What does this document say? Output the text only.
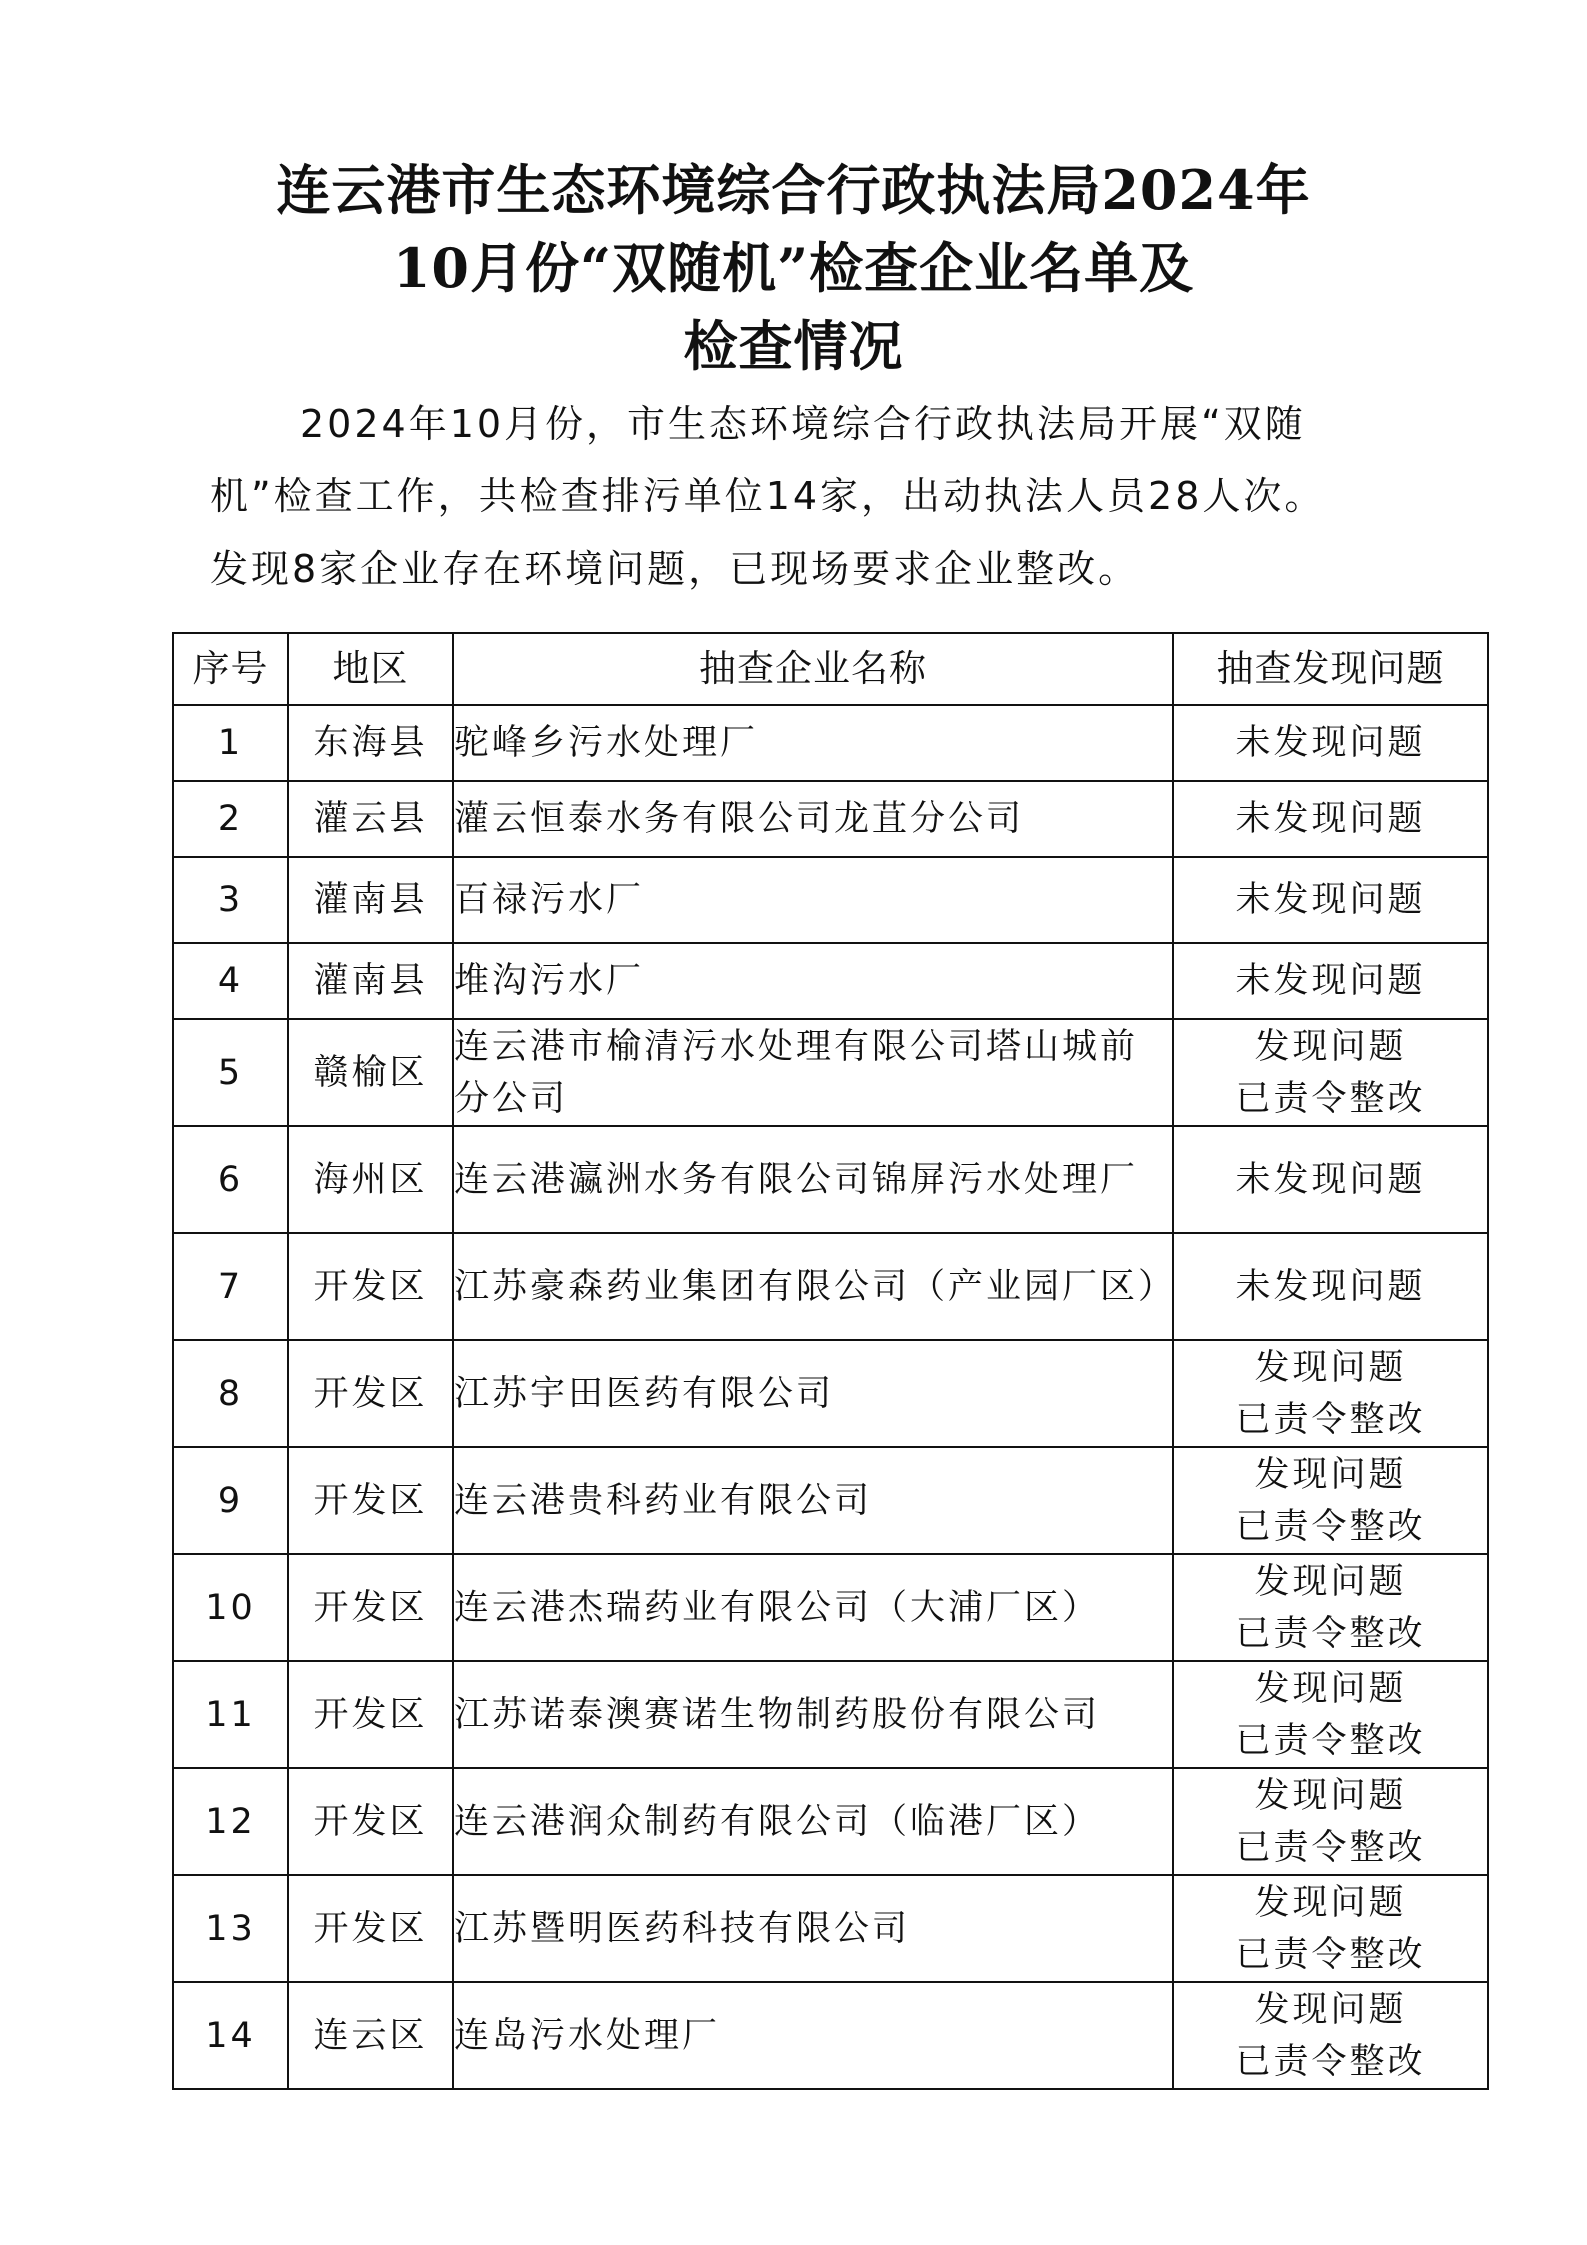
连云港市生态环境综合行政执法局2024年
10月份“双随机”检查企业名单及
检查情况
2024年10月份，市生态环境综合行政执法局开展“双随
机”检查工作，共检查排污单位14家，出动执法人员28人次。
发现8家企业存在环境问题，已现场要求企业整改。
序号	地区	抽查企业名称	抽查发现问题
1	东海县	驼峰乡污水处理厂	未发现问题

2	灌云县	灌云恒泰水务有限公司龙苴分公司	未发现问题

3	灌南县	百禄污水厂	未发现问题

4	灌南县	堆沟污水厂	未发现问题

5	赣榆区	连云港市榆清污水处理有限公司塔山城前分公司	发现问题
已责令整改

6	海州区	连云港瀛洲水务有限公司锦屏污水处理厂	未发现问题

7	开发区	江苏豪森药业集团有限公司（产业园厂区）	未发现问题

8	开发区	江苏宇田医药有限公司	发现问题
已责令整改

9	开发区	连云港贵科药业有限公司	发现问题
已责令整改

10	开发区	连云港杰瑞药业有限公司（大浦厂区）	发现问题
已责令整改

11	开发区	江苏诺泰澳赛诺生物制药股份有限公司	发现问题
已责令整改

12	开发区	连云港润众制药有限公司（临港厂区）	发现问题
已责令整改

13	开发区	江苏暨明医药科技有限公司	发现问题
已责令整改

14	连云区	连岛污水处理厂	发现问题
已责令整改
